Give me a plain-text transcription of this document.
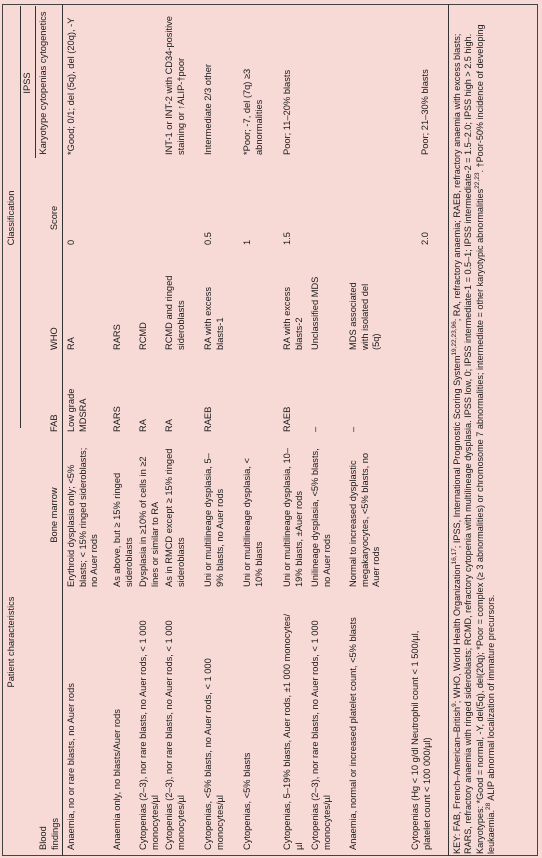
Patient characteristics
Classification
IPSS
Blood findings
Bone marrow
FAB
WHO
Score
Karyotype cytopenias cytogenetics
Anaemia, no or rare blasts, no Auer rods
Erythroid dysplasia only; <5% blasts; < 15% ringed sideroblasts; no Auer rods
Low grade MDSRA
RA
0
*Good; 0/1; del (5q), del (20q), -Y
Anaemia only, no blasts/Auer rods
As above, but ≥ 15% ringed sideroblasts
RARS
RARS
Cytopenias (2–3), nor rare blasts, no Auer rods, < 1 000 monocytes/µl
Dysplasia in ≥10% of cells in ≥2 lines or similar to RA
RA
RCMD
Cytopenias (2–3), nor rare blasts, no Auer rods, < 1 000 monocytes/µl
As in RMCD except ≥ 15% ringed sideroblasts
RA
RCMD and ringed sideroblasts
INT-1 or INT-2 with CD34-positive staining or ↑ALIP-†poor
Cytopenias, <5% blasts, no Auer rods, < 1 000 monocytes/µl
Uni or multilineage dysplasia, 5–9% blasts, no Auer rods
RAEB
RA with excess blasts-1
0.5
Intermediate 2/3 other
Cytopenias, <5% blasts
Uni or multilineage dysplasia, < 10% blasts
1
*Poor; -7, del (7q) ≥3 abnormalities
Cytopenias, 5–19% blasts, Auer rods, ±1 000 monocytes/µl
Uni or multilineage dysplasia, 10–19% blasts, ±Auer rods
RAEB
RA with excess blasts-2
1.5
Poor; 11–20% blasts
Cytopenias (2–3), nor rare blasts, no Auer rods, < 1 000 monocytes/µl
Unilineage dysplasia, <5% blasts, no Auer rods
–
Unclassified MDS
Anaemia, normal or increased platelet count, <5% blasts
Normal to increased dysplastic megakaryocytes, <5% blasts, no Auer rods
–
MDS associated with isolated del (5q)
Cytopenias (Hg < 10 g/dl Neutrophil count < 1 500/µl, platelet count < 100 000/µl)
2.0
Poor; 21–30% blasts
KEY: FAB, French–American–British$^9$; WHO, World Health Organization$^{16,17}$; IPSS, International Prognostic Scoring System$^{19,22,23,96}$; RA, refractory anaemia; RAEB, refractory anaemia with excess blasts; RARS, refractory anaemia with ringed sideroblasts; RCMD, refractory cytopenia with multilineage dysplasia. IPSS low, 0; IPSS intermediate-1 = 0.5–1; IPSS intermediate-2 = 1.5–2.0; IPSS high > 2.5 high. Karyotypes: *Good = normal, -Y, del(5q), del(20q); *Poor = complex (≥ 3 abnormalities) or chromosome 7 abnormalities; intermediate = other karyotypic abnormalities$^{22,23}$. †Poor-50% incidence of developing leukaemia.$^{28}$ ALIP abnormal localization of immature precursors.
